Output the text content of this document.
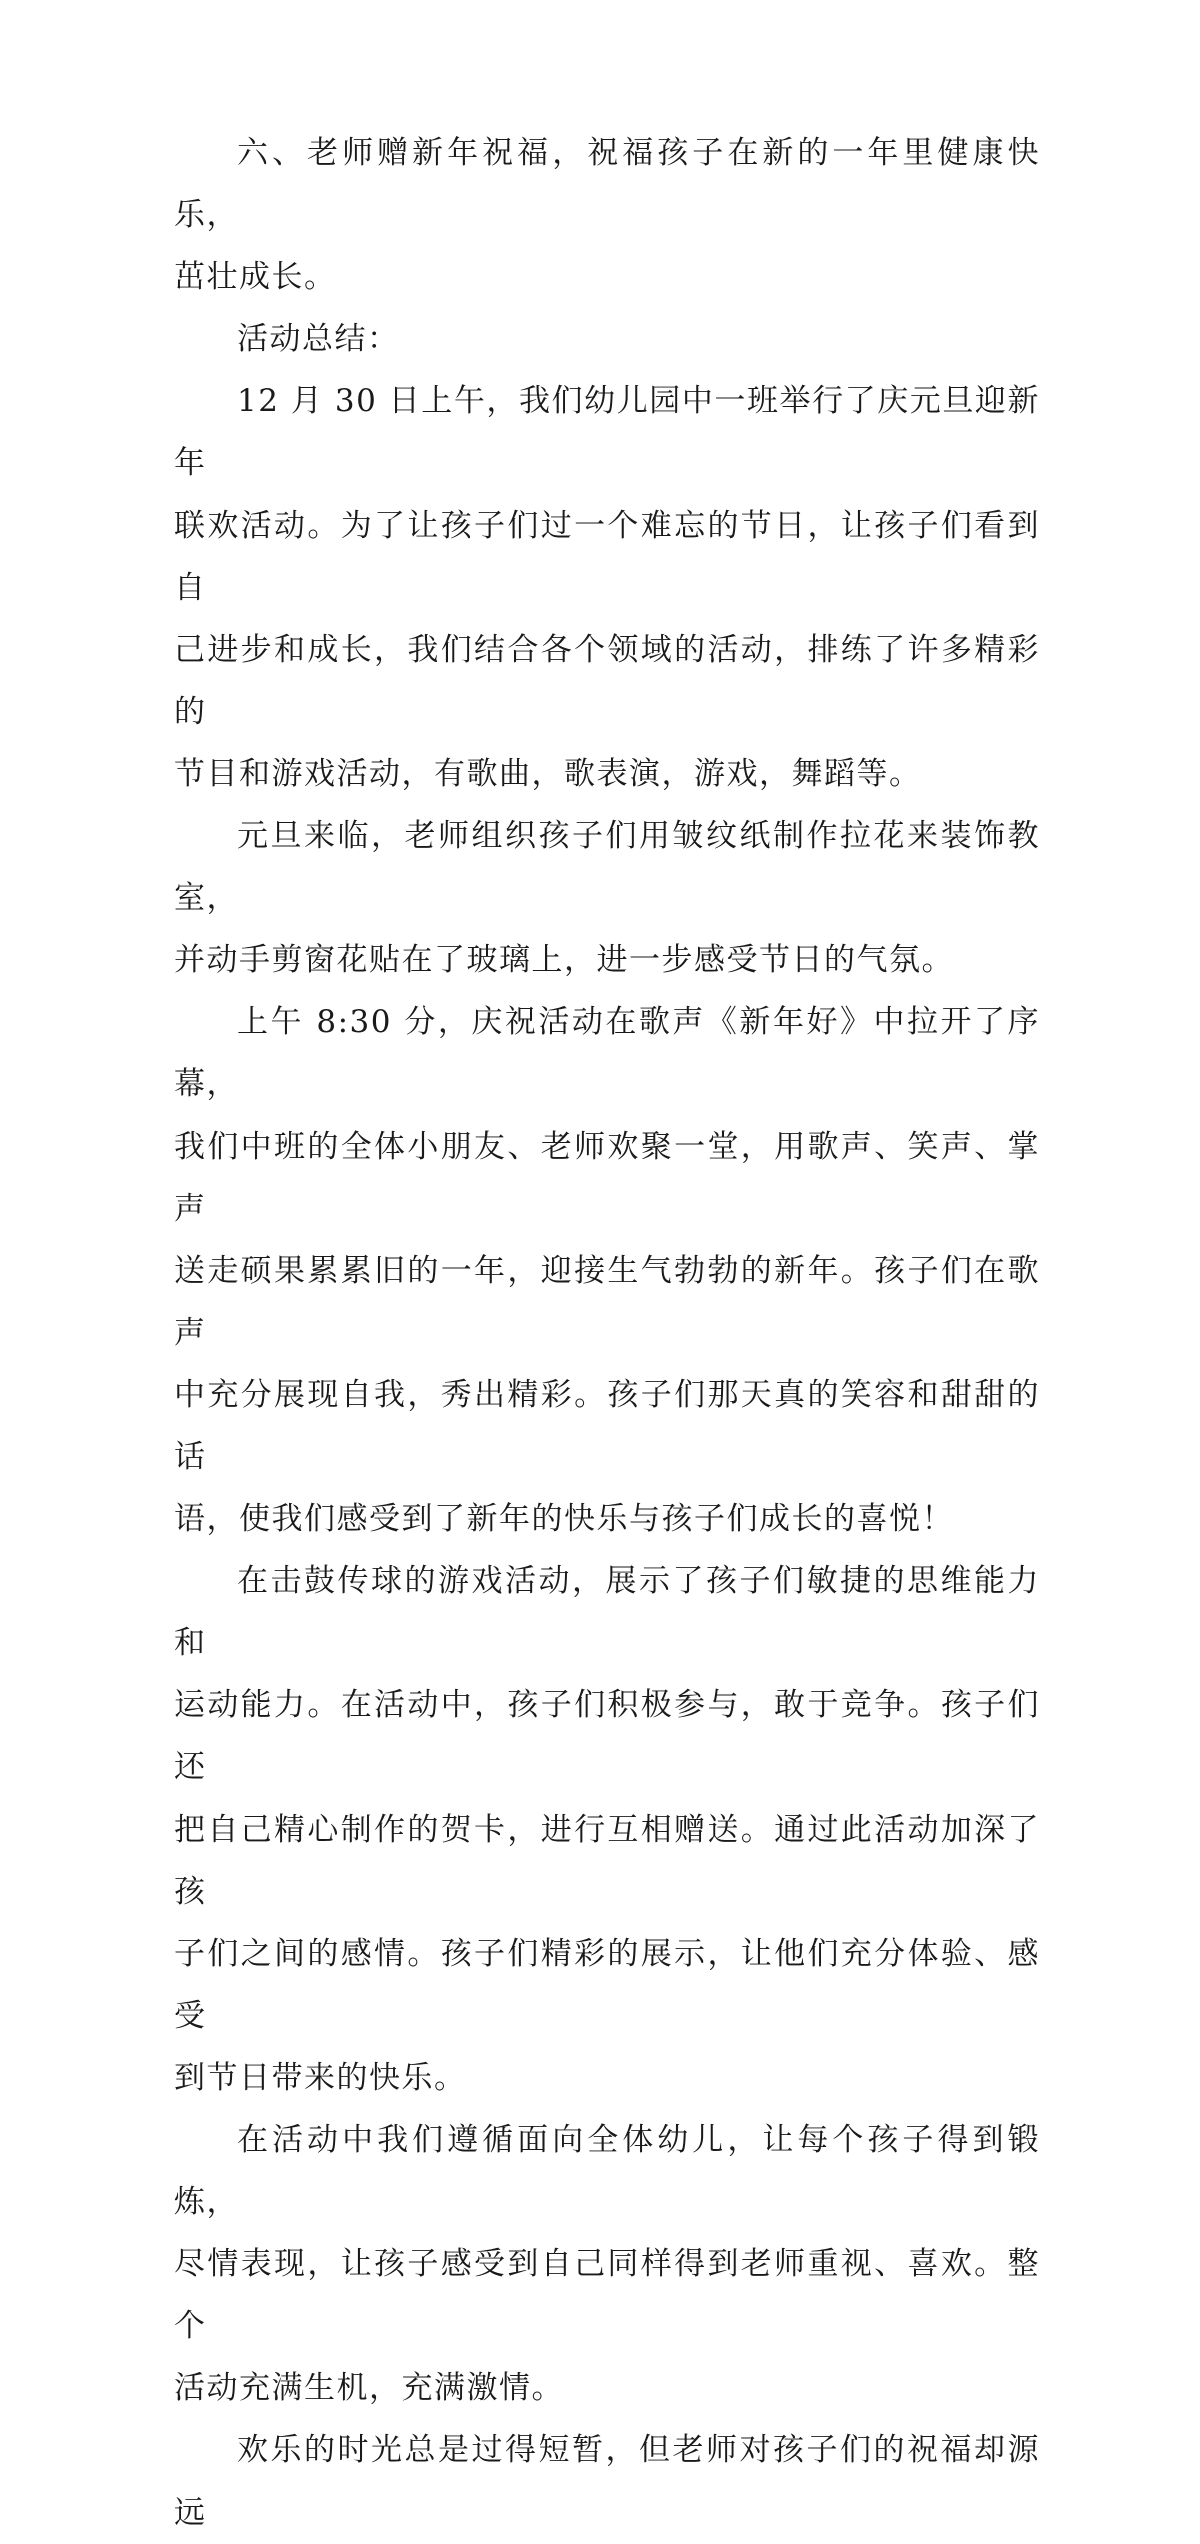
六、老师赠新年祝福，祝福孩子在新的一年里健康快乐，
茁壮成长。

活动总结：

12 月 30 日上午，我们幼儿园中一班举行了庆元旦迎新年
联欢活动。为了让孩子们过一个难忘的节日，让孩子们看到自
己进步和成长，我们结合各个领域的活动，排练了许多精彩的
节目和游戏活动，有歌曲，歌表演，游戏，舞蹈等。

元旦来临，老师组织孩子们用皱纹纸制作拉花来装饰教室，
并动手剪窗花贴在了玻璃上，进一步感受节日的气氛。

上午 8:30 分，庆祝活动在歌声《新年好》中拉开了序幕，
我们中班的全体小朋友、老师欢聚一堂，用歌声、笑声、掌声
送走硕果累累旧的一年，迎接生气勃勃的新年。孩子们在歌声
中充分展现自我，秀出精彩。孩子们那天真的笑容和甜甜的话
语，使我们感受到了新年的快乐与孩子们成长的喜悦！

在击鼓传球的游戏活动，展示了孩子们敏捷的思维能力和
运动能力。在活动中，孩子们积极参与，敢于竞争。孩子们还
把自己精心制作的贺卡，进行互相赠送。通过此活动加深了孩
子们之间的感情。孩子们精彩的展示，让他们充分体验、感受
到节日带来的快乐。

在活动中我们遵循面向全体幼儿，让每个孩子得到锻炼，
尽情表现，让孩子感受到自己同样得到老师重视、喜欢。整个
活动充满生机，充满激情。

欢乐的时光总是过得短暂，但老师对孩子们的祝福却源远
